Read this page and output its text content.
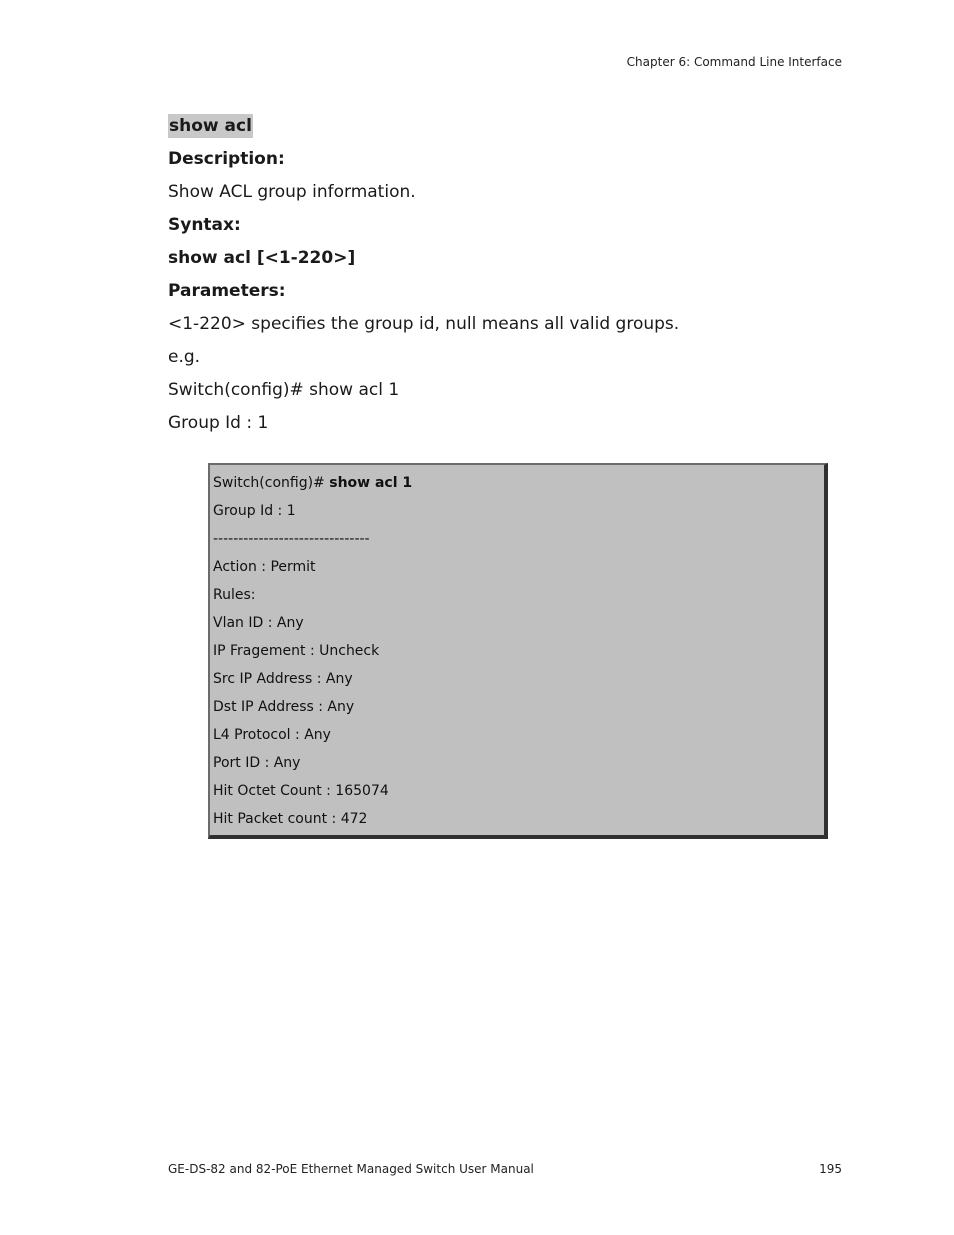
Chapter 6: Command Line Interface
show acl
Description:
Show ACL group information.
Syntax:
show acl [<1-220>]
Parameters:
<1-220> specifies the group id, null means all valid groups.
e.g.
Switch(config)# show acl 1
Group Id : 1
Switch(config)# show acl 1
Group Id : 1
-------------------------------
Action : Permit
Rules:
Vlan ID : Any
IP Fragement : Uncheck
Src IP Address : Any
Dst IP Address : Any
L4 Protocol : Any
Port ID : Any
Hit Octet Count : 165074
Hit Packet count : 472
GE-DS-82 and 82-PoE Ethernet Managed Switch User Manual	195
